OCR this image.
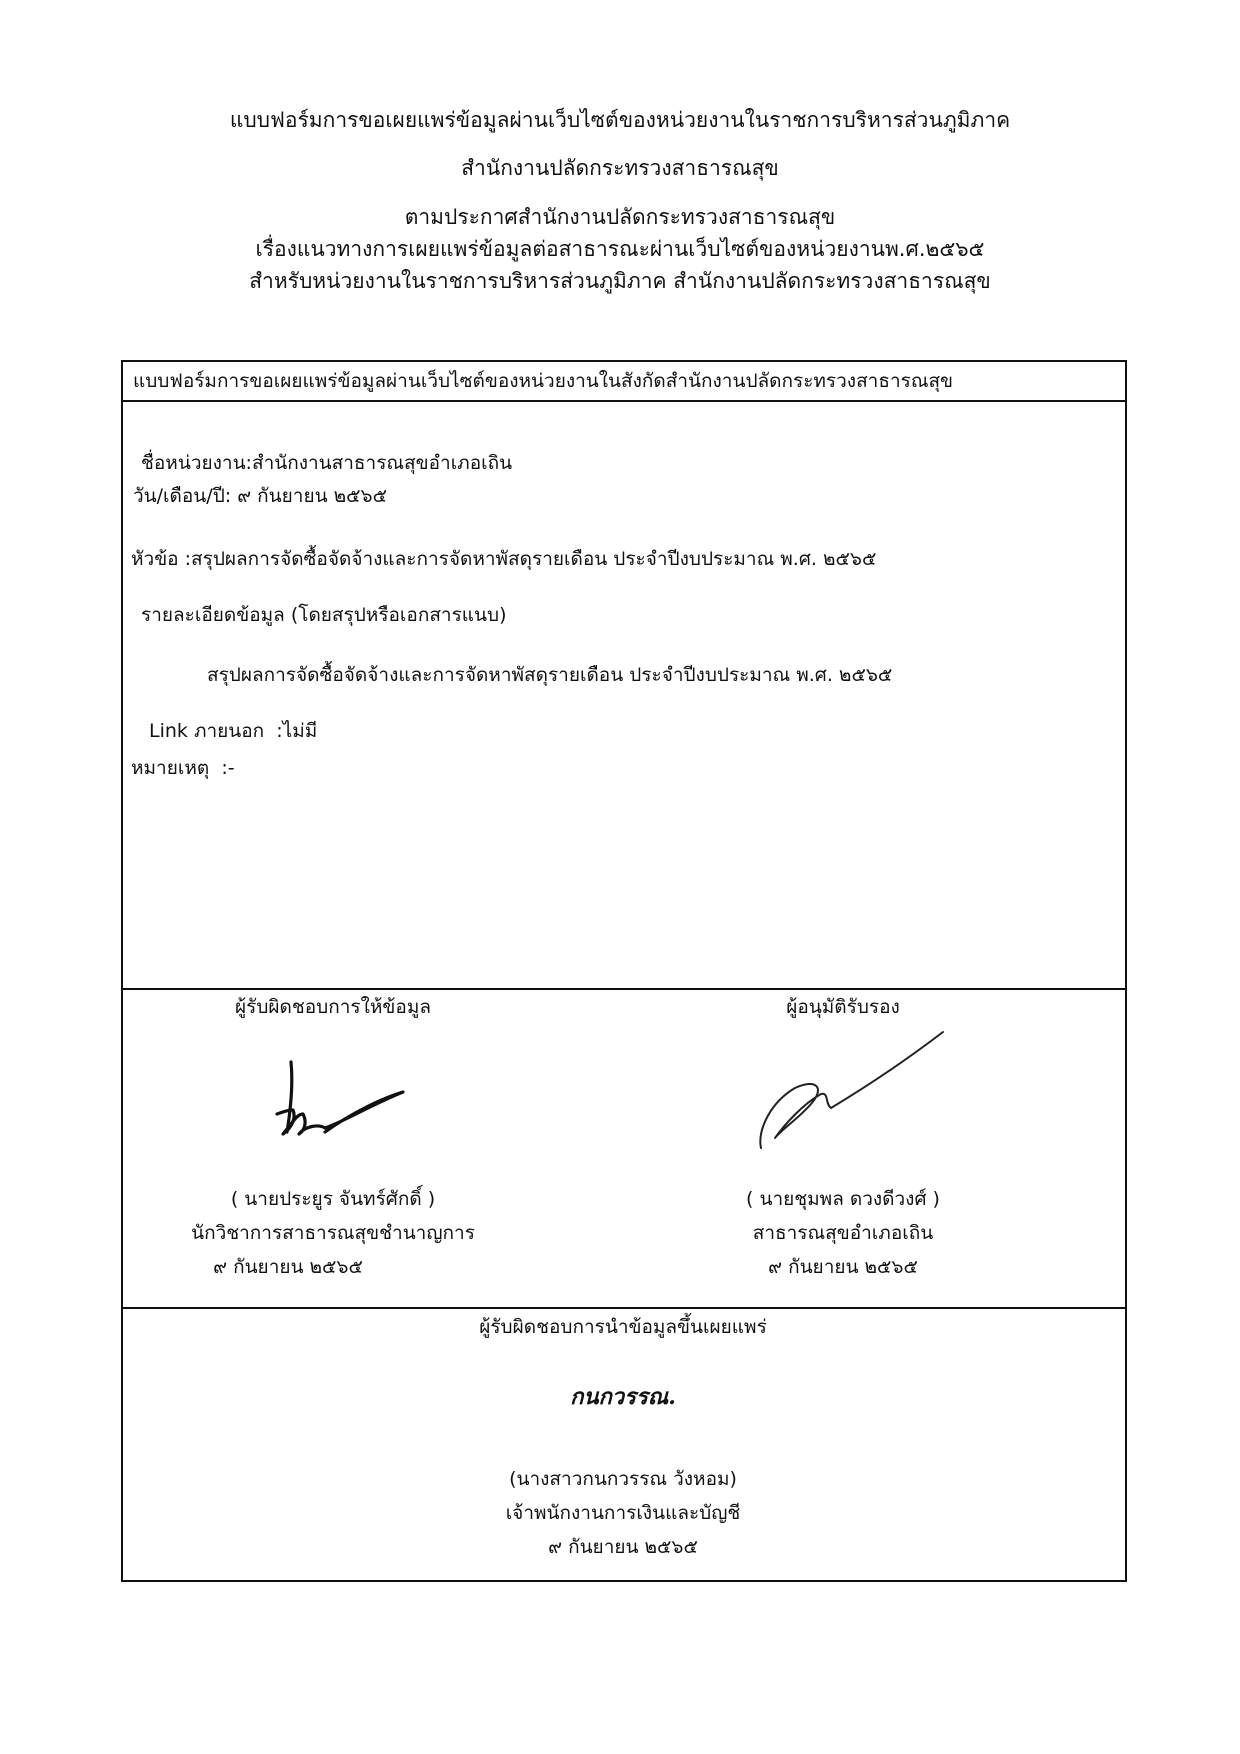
แบบฟอร์มการขอเผยแพร่ข้อมูลผ่านเว็บไซต์ของหน่วยงานในราชการบริหารส่วนภูมิภาค
สำนักงานปลัดกระทรวงสาธารณสุข
ตามประกาศสำนักงานปลัดกระทรวงสาธารณสุข
เรื่องแนวทางการเผยแพร่ข้อมูลต่อสาธารณะผ่านเว็บไซต์ของหน่วยงานพ.ศ.๒๕๖๕
สำหรับหน่วยงานในราชการบริหารส่วนภูมิภาค สำนักงานปลัดกระทรวงสาธารณสุข
แบบฟอร์มการขอเผยแพร่ข้อมูลผ่านเว็บไซต์ของหน่วยงานในสังกัดสำนักงานปลัดกระทรวงสาธารณสุข
ชื่อหน่วยงาน:สำนักงานสาธารณสุขอำเภอเถิน
วัน/เดือน/ปี: ๙ กันยายน ๒๕๖๕
หัวข้อ :สรุปผลการจัดซื้อจัดจ้างและการจัดหาพัสดุรายเดือน ประจำปีงบประมาณ พ.ศ. ๒๕๖๕
รายละเอียดข้อมูล (โดยสรุปหรือเอกสารแนบ)
สรุปผลการจัดซื้อจัดจ้างและการจัดหาพัสดุรายเดือน ประจำปีงบประมาณ พ.ศ. ๒๕๖๕
Link ภายนอก :ไม่มี
หมายเหตุ :-
ผู้รับผิดชอบการให้ข้อมูล
( นายประยูร จันทร์ศักดิ์ )
นักวิชาการสาธารณสุขชำนาญการ
๙ กันยายน ๒๕๖๕
ผู้อนุมัติรับรอง
( นายชุมพล ดวงดีวงศ์ )
สาธารณสุขอำเภอเถิน
๙ กันยายน ๒๕๖๕
ผู้รับผิดชอบการนำข้อมูลขึ้นเผยแพร่
กนกวรรณ.
(นางสาวกนกวรรณ วังหอม)
เจ้าพนักงานการเงินและบัญชี
๙ กันยายน ๒๕๖๕
